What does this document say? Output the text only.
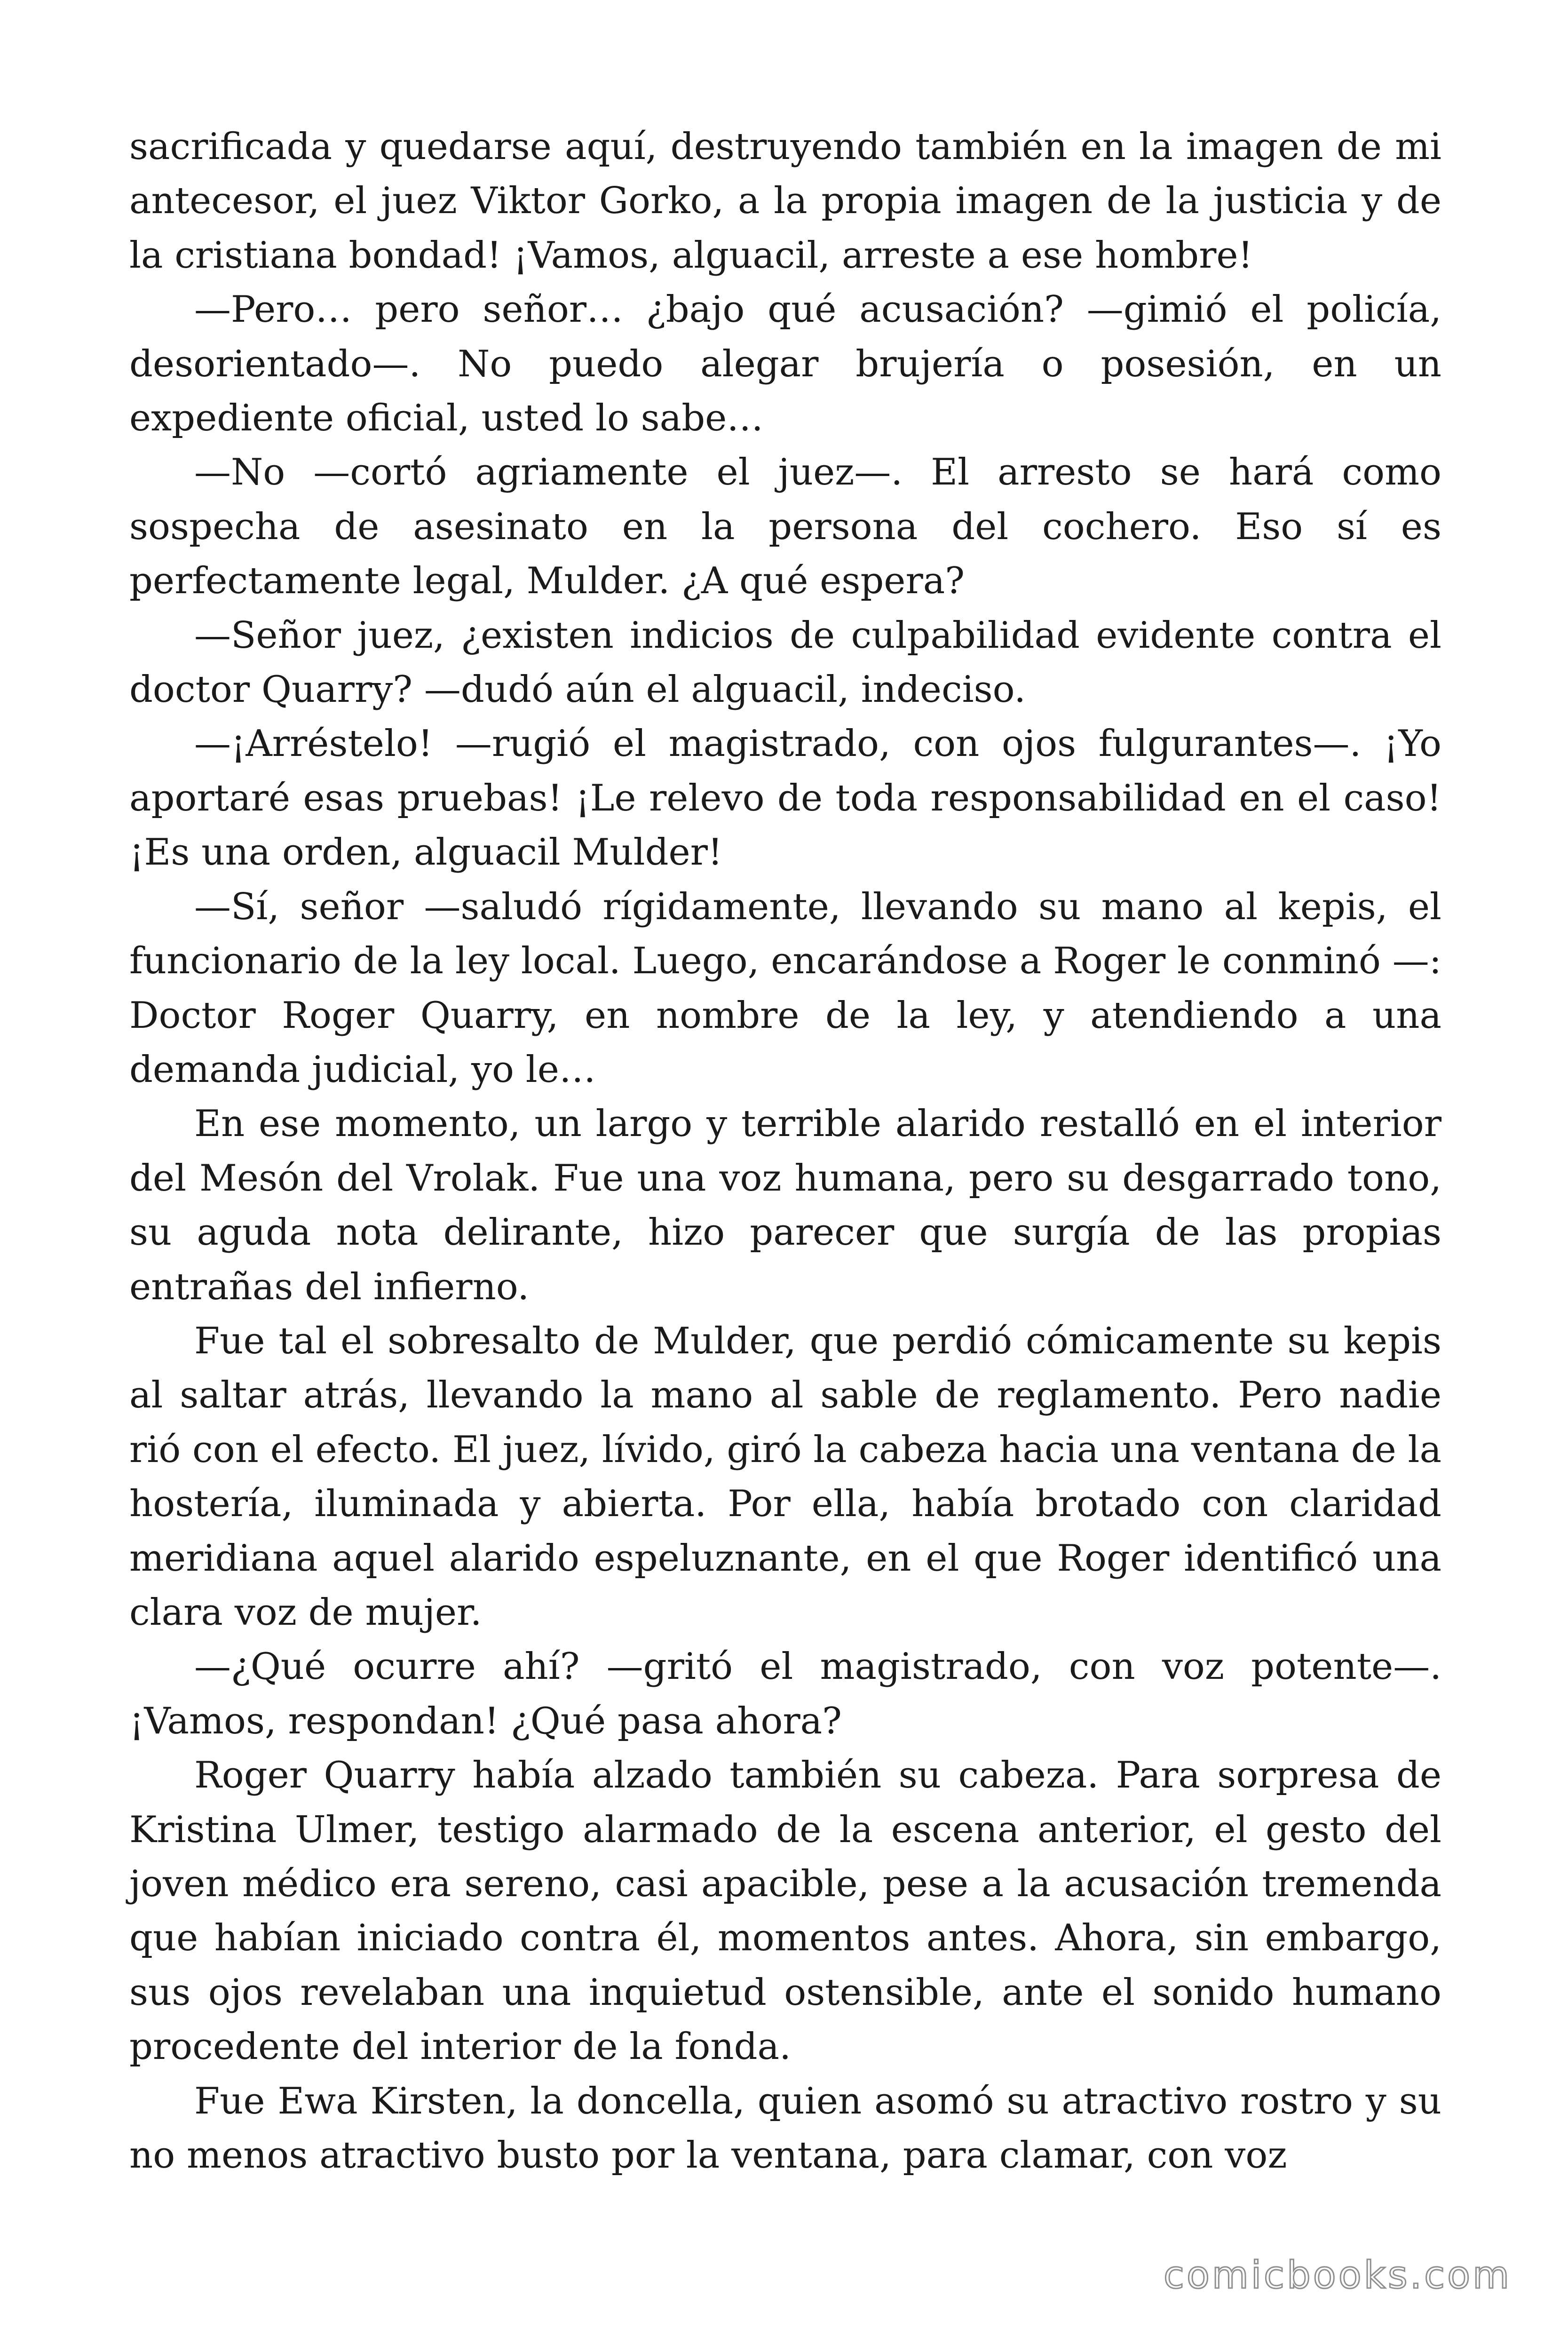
sacrificada y quedarse aquí, destruyendo también en la imagen de mi antecesor, el juez Viktor Gorko, a la propia imagen de la justicia y de la cristiana bondad! ¡Vamos, alguacil, arreste a ese hombre!

—Pero… pero señor… ¿bajo qué acusación? —gimió el policía, desorientado—. No puedo alegar brujería o posesión, en un expediente oficial, usted lo sabe…

—No —cortó agriamente el juez—. El arresto se hará como sospecha de asesinato en la persona del cochero. Eso sí es perfectamente legal, Mulder. ¿A qué espera?

—Señor juez, ¿existen indicios de culpabilidad evidente contra el doctor Quarry? —dudó aún el alguacil, indeciso.

—¡Arréstelo! —rugió el magistrado, con ojos fulgurantes—. ¡Yo aportaré esas pruebas! ¡Le relevo de toda responsabilidad en el caso! ¡Es una orden, alguacil Mulder!

—Sí, señor —saludó rígidamente, llevando su mano al kepis, el funcionario de la ley local. Luego, encarándose a Roger le conminó —: Doctor Roger Quarry, en nombre de la ley, y atendiendo a una demanda judicial, yo le…

En ese momento, un largo y terrible alarido restalló en el interior del Mesón del Vrolak. Fue una voz humana, pero su desgarrado tono, su aguda nota delirante, hizo parecer que surgía de las propias entrañas del infierno.

Fue tal el sobresalto de Mulder, que perdió cómicamente su kepis al saltar atrás, llevando la mano al sable de reglamento. Pero nadie rió con el efecto. El juez, lívido, giró la cabeza hacia una ventana de la hostería, iluminada y abierta. Por ella, había brotado con claridad meridiana aquel alarido espeluznante, en el que Roger identificó una clara voz de mujer.

—¿Qué ocurre ahí? —gritó el magistrado, con voz potente—. ¡Vamos, respondan! ¿Qué pasa ahora?

Roger Quarry había alzado también su cabeza. Para sorpresa de Kristina Ulmer, testigo alarmado de la escena anterior, el gesto del joven médico era sereno, casi apacible, pese a la acusación tremenda que habían iniciado contra él, momentos antes. Ahora, sin embargo, sus ojos revelaban una inquietud ostensible, ante el sonido humano procedente del interior de la fonda.

Fue Ewa Kirsten, la doncella, quien asomó su atractivo rostro y su no menos atractivo busto por la ventana, para clamar, con voz

comicbooks.com
